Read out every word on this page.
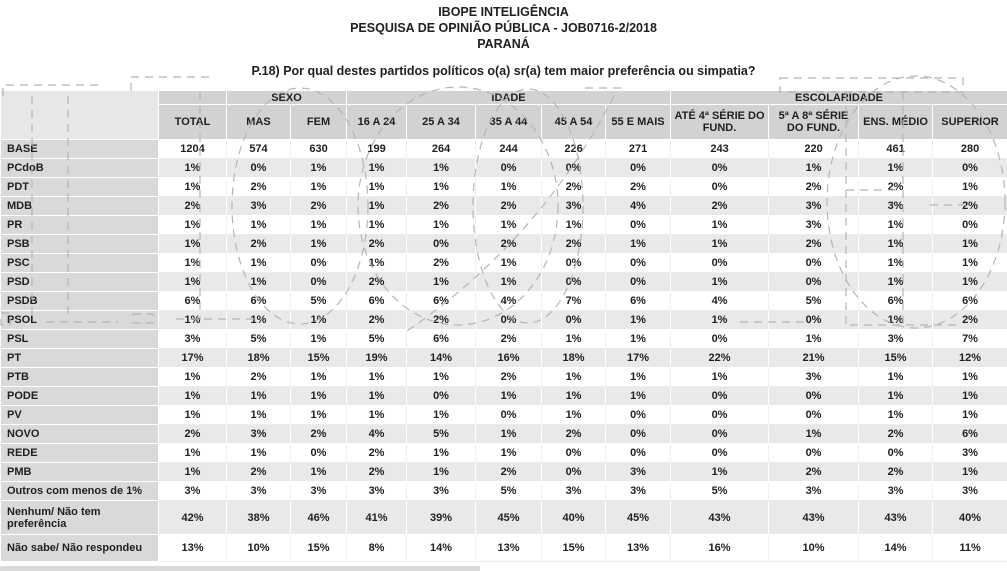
IBOPE INTELIGÊNCIA
PESQUISA DE OPINIÃO PÚBLICA - JOB0716-2/2018
PARANÁ
P.18) Por qual destes partidos políticos o(a) sr(a) tem maior preferência ou simpatia?
		SEXO		IDADE					ESCOLARIDADE			
	TOTAL	MAS	FEM	16 A 24	25 A 34	35 A 44	45 A 54	55 E MAIS	ATÉ 4ª SÉRIE DO FUND.	5ª A 8ª SÉRIE DO FUND.	ENS. MÉDIO	SUPERIOR
BASE	1204	574	630	199	264	244	226	271	243	220	461	280
PCdoB	1%	0%	1%	1%	1%	0%	0%	0%	0%	1%	1%	0%
PDT	1%	2%	1%	1%	1%	1%	2%	2%	0%	2%	2%	1%
MDB	2%	3%	2%	1%	2%	2%	3%	4%	2%	3%	3%	2%
PR	1%	1%	1%	1%	1%	1%	1%	0%	1%	3%	1%	0%
PSB	1%	2%	1%	2%	0%	2%	2%	1%	1%	2%	1%	1%
PSC	1%	1%	0%	1%	2%	1%	0%	0%	0%	0%	1%	1%
PSD	1%	1%	0%	2%	1%	1%	0%	0%	1%	0%	1%	1%
PSDB	6%	6%	5%	6%	6%	4%	7%	6%	4%	5%	6%	6%
PSOL	1%	1%	1%	2%	2%	0%	0%	1%	1%	0%	1%	2%
PSL	3%	5%	1%	5%	6%	2%	1%	1%	0%	1%	3%	7%
PT	17%	18%	15%	19%	14%	16%	18%	17%	22%	21%	15%	12%
PTB	1%	2%	1%	1%	1%	2%	1%	1%	1%	3%	1%	1%
PODE	1%	1%	1%	1%	0%	1%	1%	1%	0%	0%	1%	1%
PV	1%	1%	1%	1%	1%	0%	1%	0%	0%	0%	1%	1%
NOVO	2%	3%	2%	4%	5%	1%	2%	0%	0%	1%	2%	6%
REDE	1%	1%	0%	2%	1%	1%	0%	0%	0%	0%	0%	3%
PMB	1%	2%	1%	2%	1%	2%	0%	3%	1%	2%	2%	1%
Outros com menos de 1%	3%	3%	3%	3%	3%	5%	3%	3%	5%	3%	3%	3%
Nenhum/ Não tem preferência	42%	38%	46%	41%	39%	45%	40%	45%	43%	43%	43%	40%
Não sabe/ Não respondeu	13%	10%	15%	8%	14%	13%	15%	13%	16%	10%	14%	11%
